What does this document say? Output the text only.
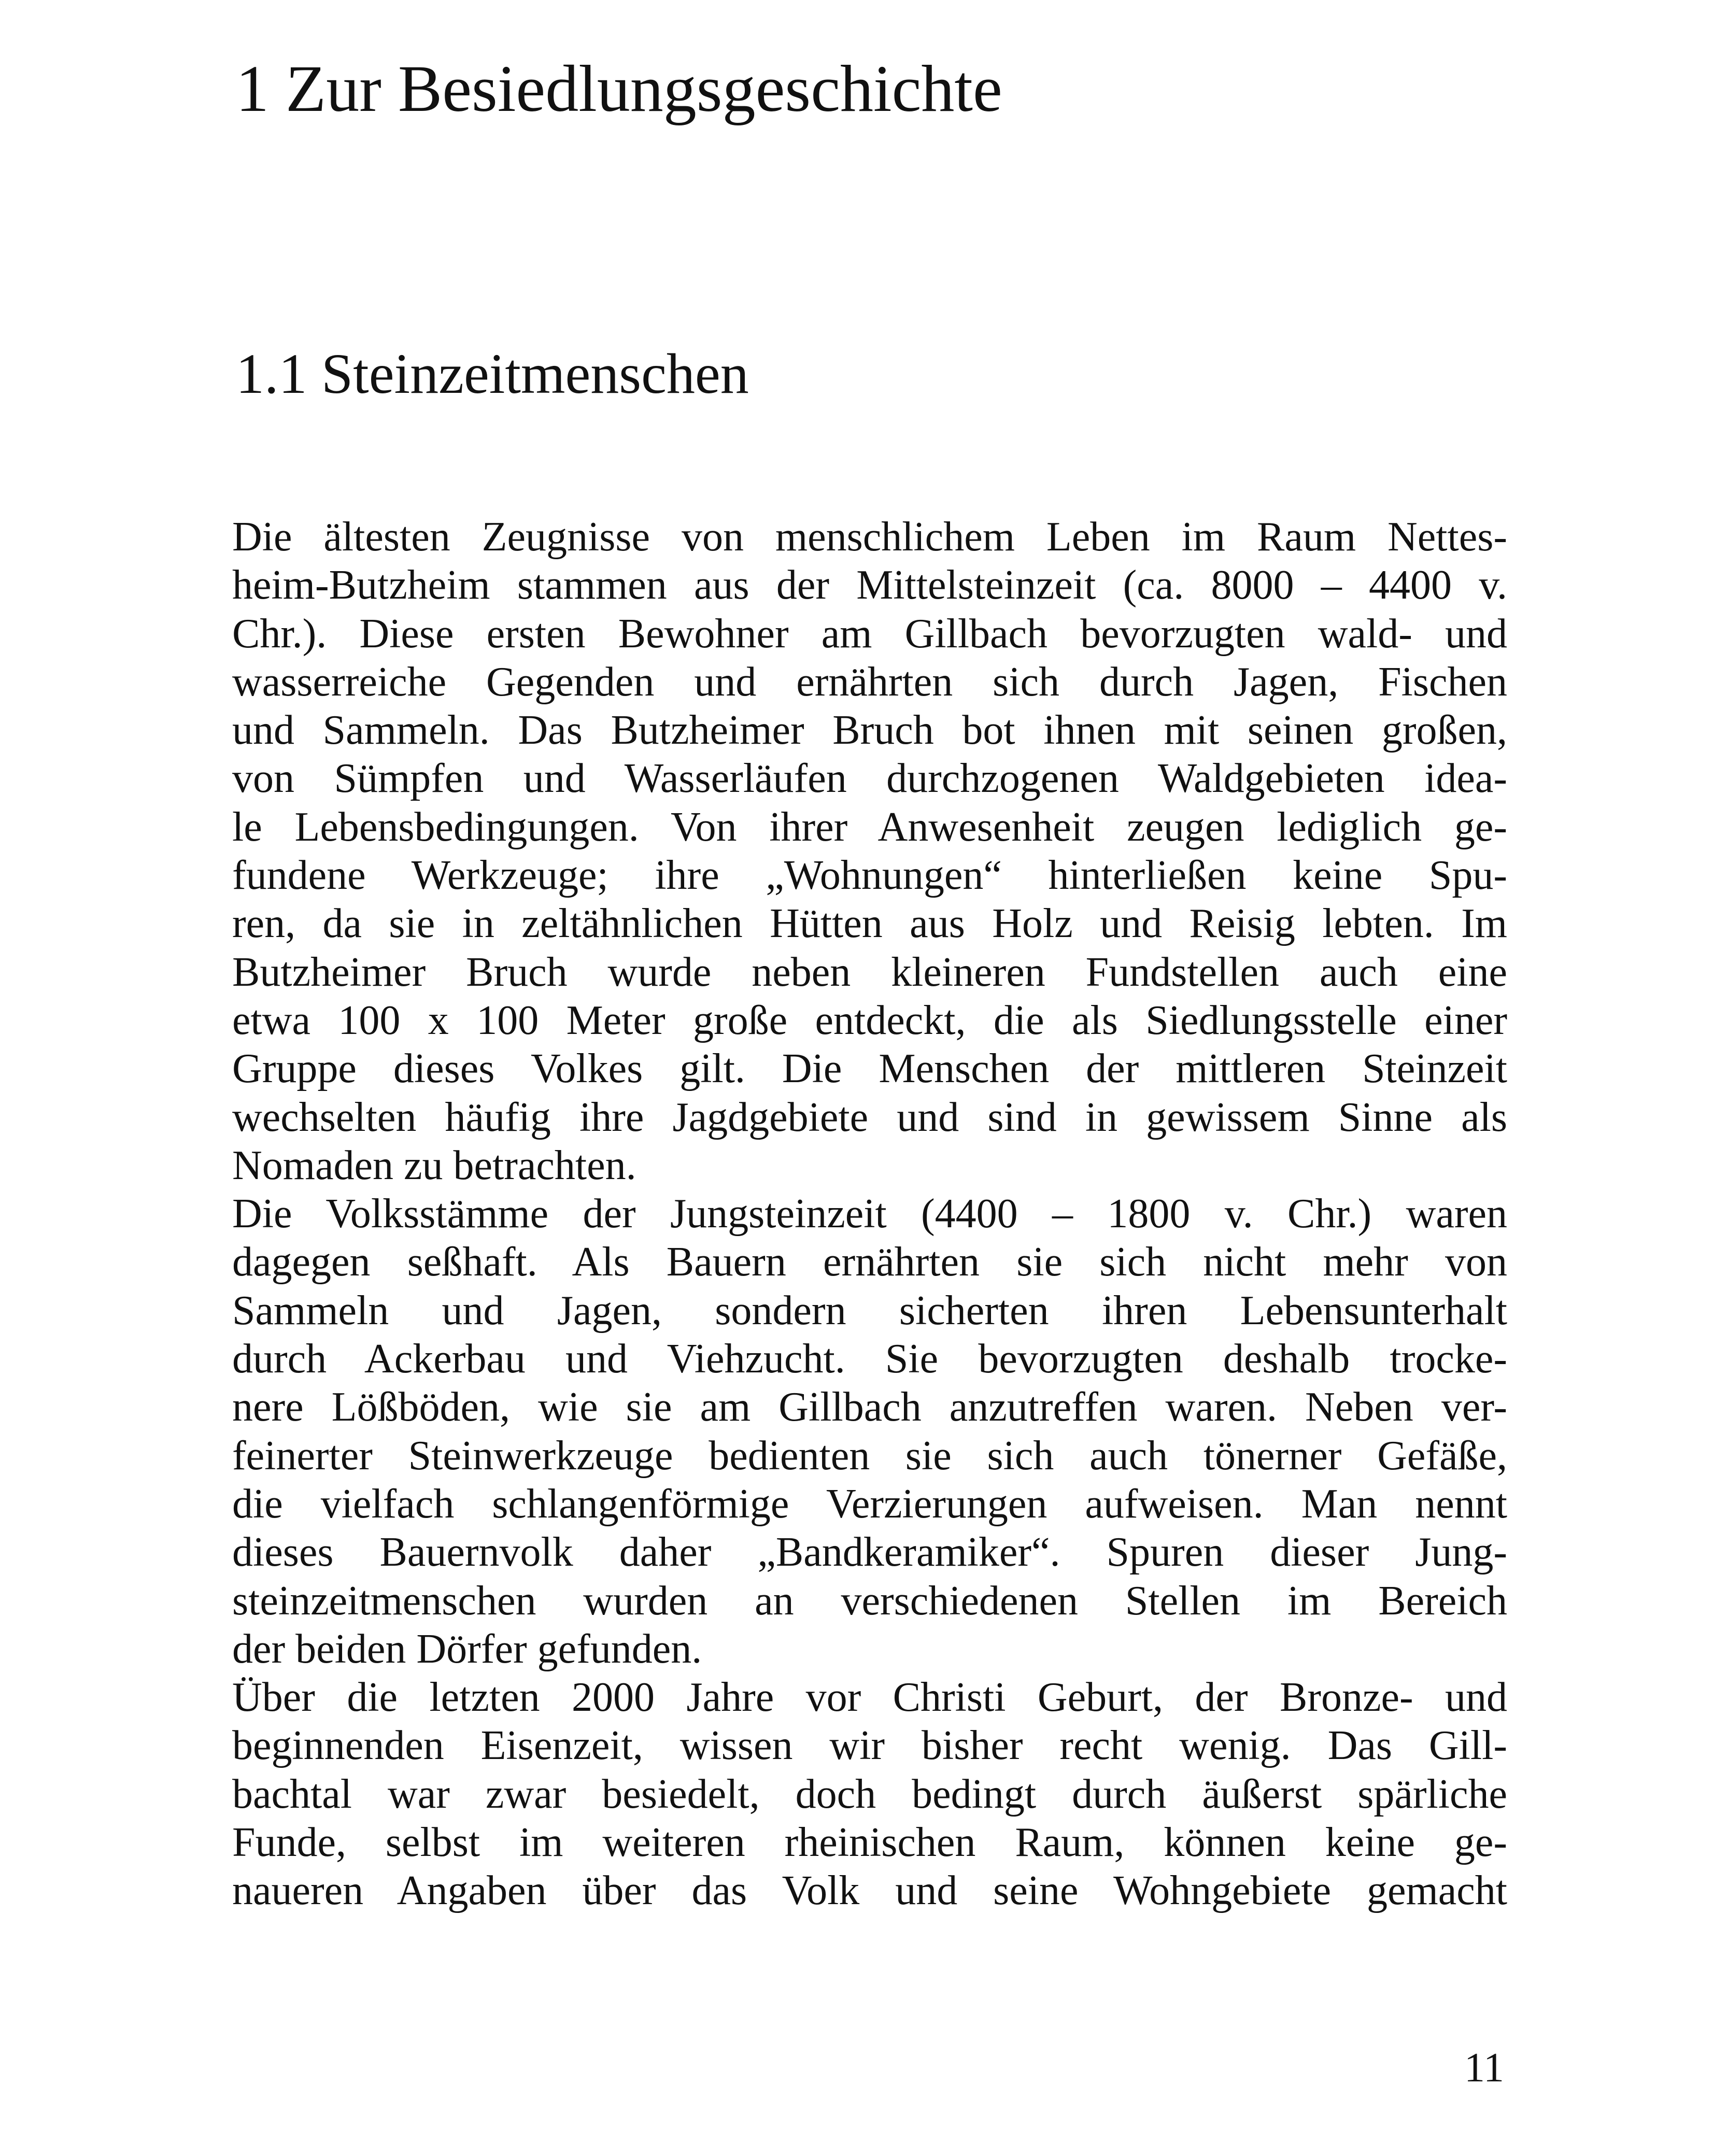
1 Zur Besiedlungsgeschichte
1.1 Steinzeitmenschen
Die ältesten Zeugnisse von menschlichem Leben im Raum Nettes-
heim-Butzheim stammen aus der Mittelsteinzeit (ca. 8000 – 4400 v.
Chr.). Diese ersten Bewohner am Gillbach bevorzugten wald- und
wasserreiche Gegenden und ernährten sich durch Jagen, Fischen
und Sammeln. Das Butzheimer Bruch bot ihnen mit seinen großen,
von Sümpfen und Wasserläufen durchzogenen Waldgebieten idea-
le Lebensbedingungen. Von ihrer Anwesenheit zeugen lediglich ge-
fundene Werkzeuge; ihre „Wohnungen“ hinterließen keine Spu-
ren, da sie in zeltähnlichen Hütten aus Holz und Reisig lebten. Im
Butzheimer Bruch wurde neben kleineren Fundstellen auch eine
etwa 100 x 100 Meter große entdeckt, die als Siedlungsstelle einer
Gruppe dieses Volkes gilt. Die Menschen der mittleren Steinzeit
wechselten häufig ihre Jagdgebiete und sind in gewissem Sinne als
Nomaden zu betrachten.
Die Volksstämme der Jungsteinzeit (4400 – 1800 v. Chr.) waren
dagegen seßhaft. Als Bauern ernährten sie sich nicht mehr von
Sammeln und Jagen, sondern sicherten ihren Lebensunterhalt
durch Ackerbau und Viehzucht. Sie bevorzugten deshalb trocke-
nere Lößböden, wie sie am Gillbach anzutreffen waren. Neben ver-
feinerter Steinwerkzeuge bedienten sie sich auch tönerner Gefäße,
die vielfach schlangenförmige Verzierungen aufweisen. Man nennt
dieses Bauernvolk daher „Bandkeramiker“. Spuren dieser Jung-
steinzeitmenschen wurden an verschiedenen Stellen im Bereich
der beiden Dörfer gefunden.
Über die letzten 2000 Jahre vor Christi Geburt, der Bronze- und
beginnenden Eisenzeit, wissen wir bisher recht wenig. Das Gill-
bachtal war zwar besiedelt, doch bedingt durch äußerst spärliche
Funde, selbst im weiteren rheinischen Raum, können keine ge-
naueren Angaben über das Volk und seine Wohngebiete gemacht
11
